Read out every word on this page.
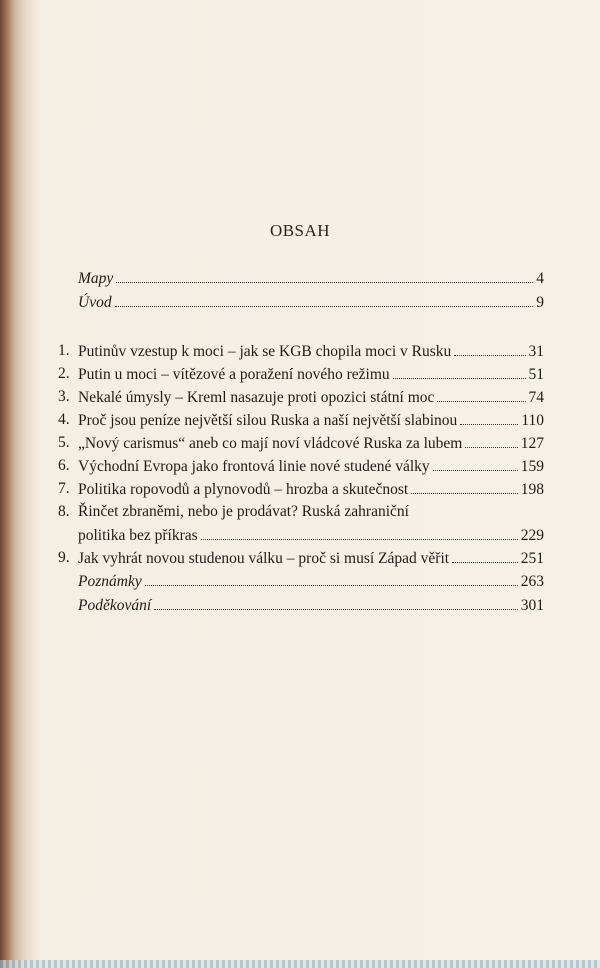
OBSAH
Mapy	4
Úvod	9
1. Putinův vzestup k moci – jak se KGB chopila moci v Rusku	31
2. Putin u moci – vítězové a poražení nového režimu	51
3. Nekalé úmysly – Kreml nasazuje proti opozici státní moc	74
4. Proč jsou peníze největší silou Ruska a naší největší slabinou	110
5. „Nový carismus“ aneb co mají noví vládcové Ruska za lubem	127
6. Východní Evropa jako frontová linie nové studené války	159
7. Politika ropovodů a plynovodů – hrozba a skutečnost	198
8. Řinčet zbraněmi, nebo je prodávat? Ruská zahraniční
politika bez příkras	229
9. Jak vyhrát novou studenou válku – proč si musí Západ věřit	251
Poznámky	263
Poděkování	301
